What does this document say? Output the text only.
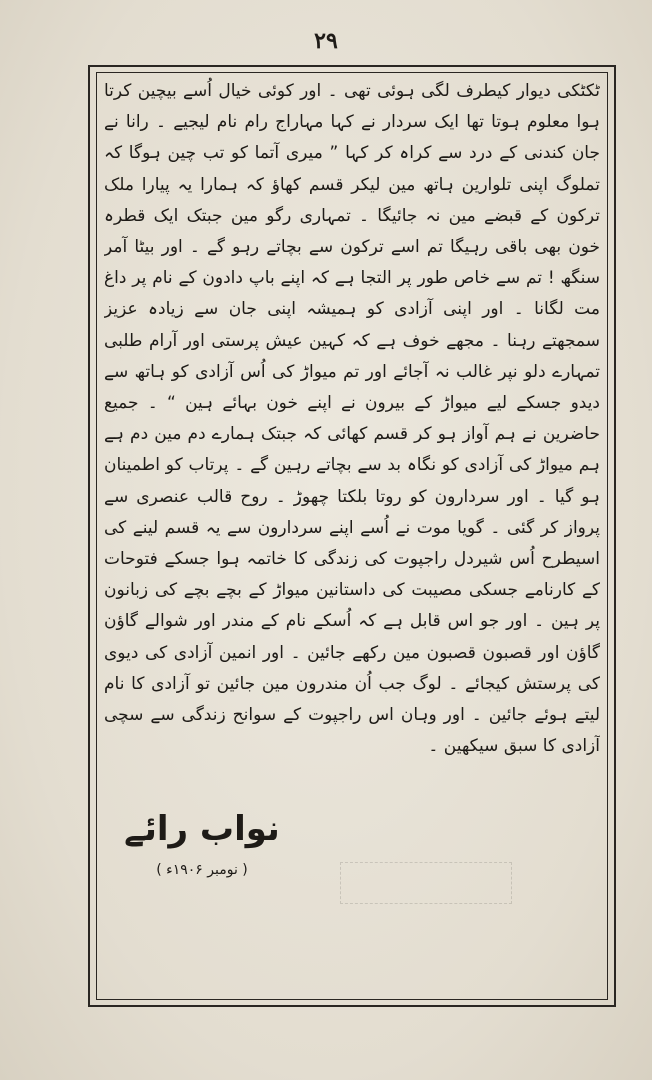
۲۹

ٹکٹکی دیوار کیطرف لگی ہوئی تھی ۔ اور کوئی خیال اُسے بیچین کرتا ہوا معلوم ہوتا تھا ایک سردار نے کہا مہاراج رام نام لیجیے ۔ رانا نے جان کندنی کے درد سے کراہ کر کہا ” میری آتما کو تب چین ہوگا کہ تملوگ اپنی تلوارین ہاتھ مین لیکر قسم کھاؤ کہ ہمارا یہ پیارا ملک ترکون کے قبضے مین نہ جائیگا ۔ تمہاری رگو مین جبتک ایک قطرہ خون بھی باقی رہیگا تم اسے ترکون سے بچاتے رہو گے ۔ اور بیٹا آمر سنگھ ! تم سے خاص طور پر التجا ہے کہ اپنے باپ دادون کے نام پر داغ مت لگانا ۔ اور اپنی آزادی کو ہمیشہ اپنی جان سے زیادہ عزیز سمجھتے رہنا ۔ مجھے خوف ہے کہ کہین عیش پرستی اور آرام طلبی تمہارے دلو نپر غالب نہ آجائے اور تم میواڑ کی اُس آزادی کو ہاتھ سے دیدو جسکے لیے میواڑ کے بیرون نے اپنے خون بہائے ہین “ ۔ جمیع حاضرین نے ہم آواز ہو کر قسم کھائی کہ جبتک ہمارے دم مین دم ہے ہم میواڑ کی آزادی کو نگاہ بد سے بچاتے رہین گے ۔ پرتاب کو اطمینان ہو گیا ۔ اور سردارون کو روتا بلکتا چھوڑ ۔ روح قالب عنصری سے پرواز کر گئی ۔ گویا موت نے اُسے اپنے سردارون سے یہ قسم لینے کی

اسیطرح اُس شیردل راجپوت کی زندگی کا خاتمہ ہوا جسکے فتوحات کے کارنامے جسکی مصیبت کی داستانین میواڑ کے بچے بچے کی زبانون پر ہین ۔ اور جو اس قابل ہے کہ اُسکے نام کے مندر اور شوالے گاؤن گاؤن اور قصبون قصبون مین رکھے جائین ۔ اور انمین آزادی کی دیوی کی پرستش کیجائے ۔ لوگ جب اُن مندرون مین جائین تو آزادی کا نام لیتے ہوئے جائین ۔ اور وہان اس راجپوت کے سوانح زندگی سے سچی آزادی کا سبق سیکھین ۔

نواب رائے
( نومبر ۱۹۰۶ء )
